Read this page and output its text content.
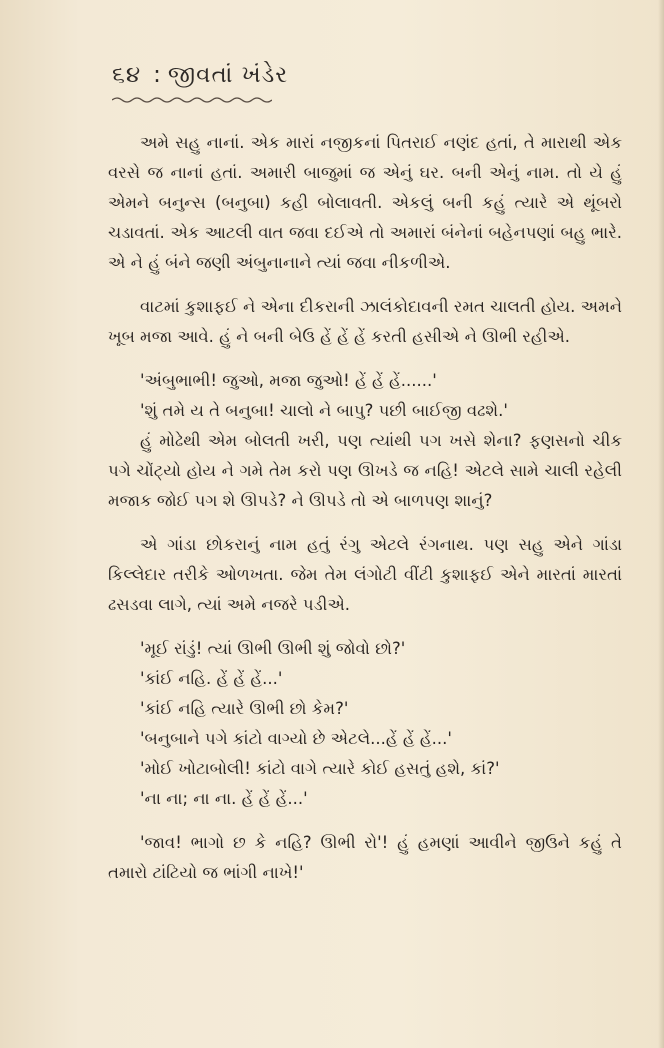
૬૪ : જીવતાં ખંડેર

અમે સહુ નાનાં. એક મારાં નજીકનાં પિતરાઈ નણંદ હતાં, તે મારાથી એક વરસે જ નાનાં હતાં. અમારી બાજુમાં જ એનું ઘર. બની એનું નામ. તો યે હું એમને બનુન્સ (બનુબા) કહી બોલાવતી. એકલું બની કહું ત્યારે એ થૂંબરો ચડાવતાં. એક આટલી વાત જવા દઈએ તો અમારાં બંનેનાં બહેનપણાં બહુ ભારે. એ ને હું બંને જણી અંબુનાનાને ત્યાં જવા નીકળીએ.

વાટમાં કુશાફઈ ને એના દીકરાની ઝાલંકોદાવની રમત ચાલતી હોય. અમને ખૂબ મજા આવે. હું ને બની બેઉ હેં હેં હેં કરતી હસીએ ને ઊભી રહીએ.

'અંબુભાભી! જુઓ, મજા જુઓ! હેં હેં હેં......'

'શું તમે ય તે બનુબા! ચાલો ને બાપુ? પછી બાઈજી વઢશે.'

હું મોઢેથી એમ બોલતી ખરી, પણ ત્યાંથી પગ ખસે શેના? ફણસનો ચીક પગે ચોંટ્યો હોય ને ગમે તેમ કરો પણ ઊખડે જ નહિ! એટલે સામે ચાલી રહેલી મજાક જોઈ પગ શે ઊપડે? ને ઊપડે તો એ બાળપણ શાનું?

એ ગાંડા છોકરાનું નામ હતું રંગુ એટલે રંગનાથ. પણ સહુ એને ગાંડા કિલ્લેદાર તરીકે ઓળખતા. જેમ તેમ લંગોટી વીંટી કુશાફઈ એને મારતાં મારતાં ઢસડવા લાગે, ત્યાં અમે નજરે પડીએ.

'મૂઈ રાંડું! ત્યાં ઊભી ઊભી શું જોવો છો?'

'કાંઈ નહિ. હેં હેં હેં...'

'કાંઈ નહિ ત્યારે ઊભી છો કેમ?'

'બનુબાને પગે કાંટો વાગ્યો છે એટલે...હેં હેં હેં...'

'મોઈ ખોટાબોલી! કાંટો વાગે ત્યારે કોઈ હસતું હશે, કાં?'

'ના ના; ના ના. હેં હેં હેં...'

'જાવ! ભાગો છ કે નહિ? ઊભી રો'! હું હમણાં આવીને જીઉને કહું તે તમારો ટાંટિયો જ ભાંગી નાખે!'
